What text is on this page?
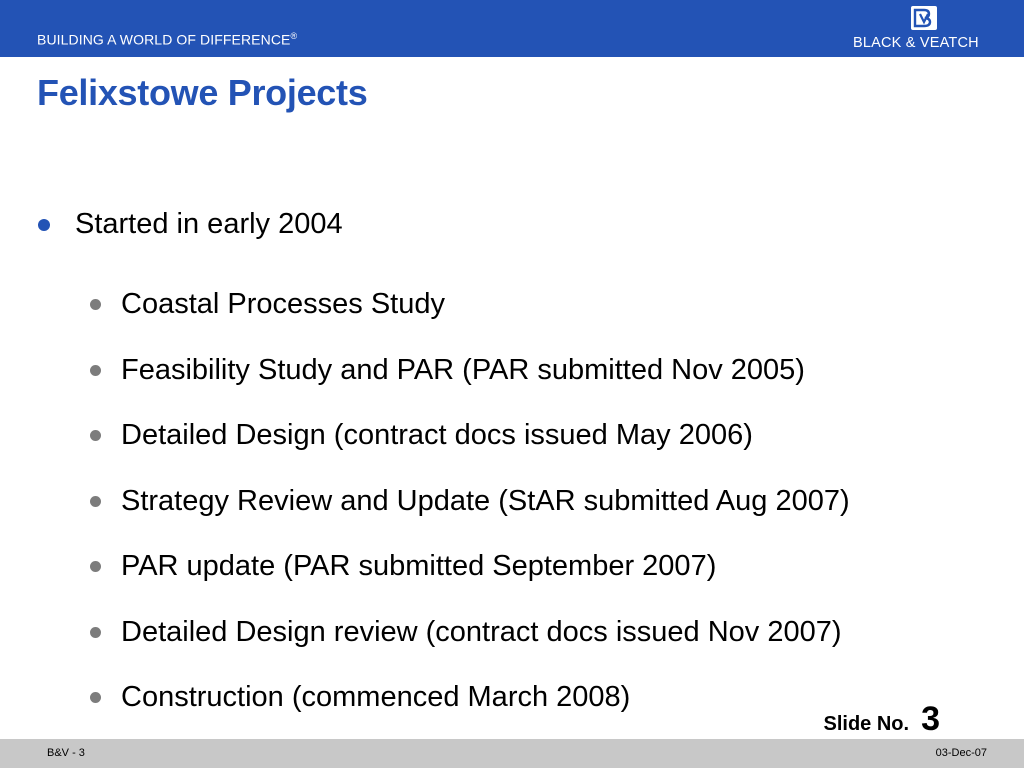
BUILDING A WORLD OF DIFFERENCE®	BLACK & VEATCH
Felixstowe Projects
Started in early 2004
Coastal Processes Study
Feasibility Study and PAR (PAR submitted Nov 2005)
Detailed Design (contract docs issued May 2006)
Strategy Review and Update (StAR submitted Aug 2007)
PAR update (PAR submitted September 2007)
Detailed Design review (contract docs issued Nov 2007)
Construction (commenced March 2008)
Slide No. 3
B&V - 3	03-Dec-07
